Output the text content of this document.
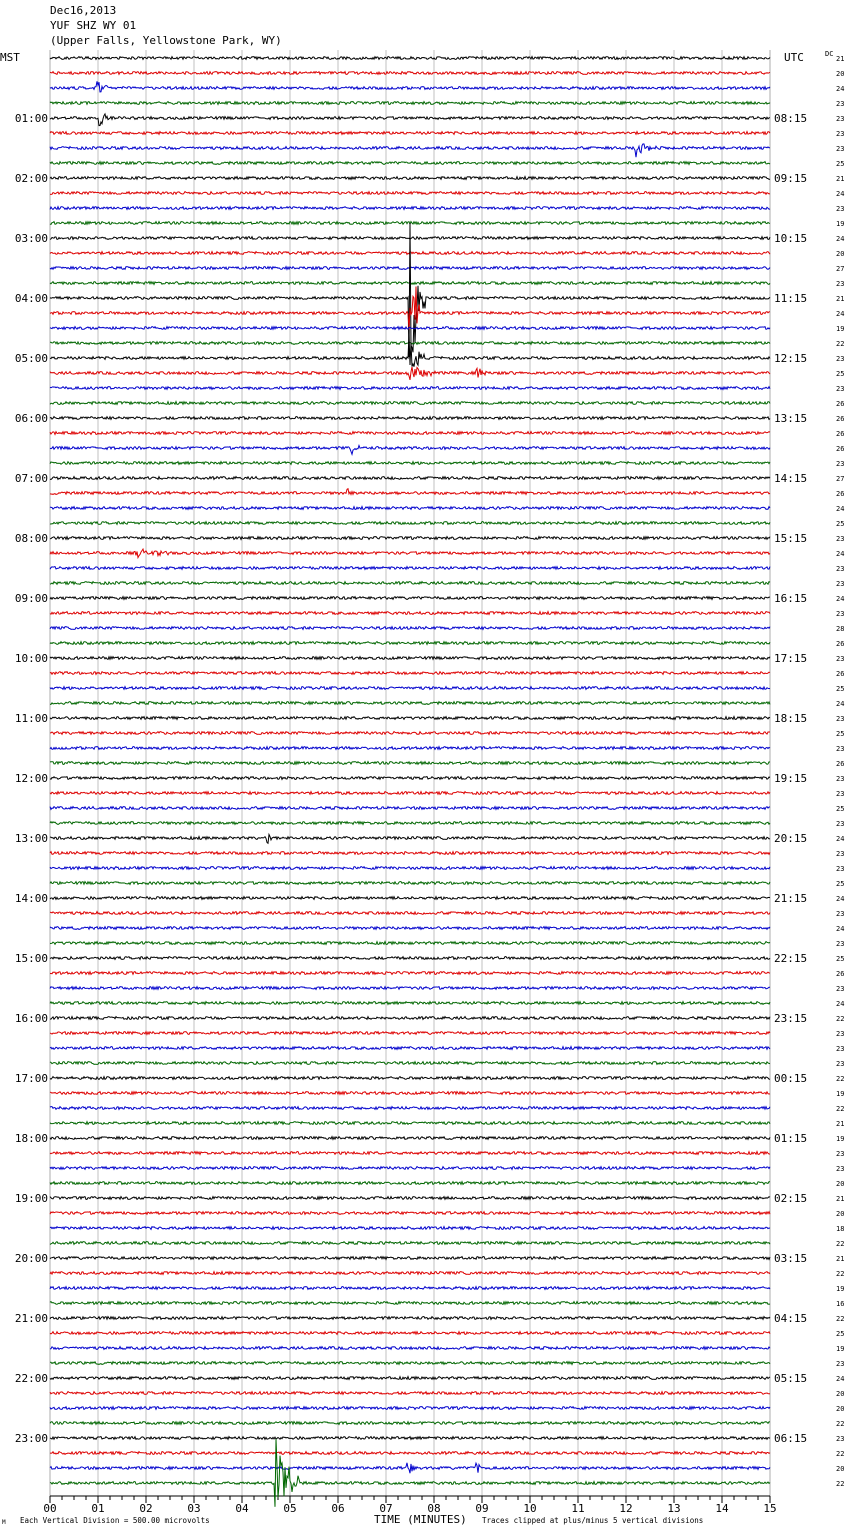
Dec16,2013
YUF SHZ WY 01
(Upper Falls, Yellowstone Park, WY)
00	01	02	03	04	05	06	07	08	09	10	11	12	13	14	15
21
20
24
23
23
01:00	08:15
23
23
25
21
02:00	09:15
24
23
19
24
03:00	10:15
20
27
23
21
04:00	11:15
24
19
22
23
05:00	12:15
25
23
26
26
06:00	13:15
26
26
23
27
07:00	14:15
26
24
25
23
08:00	15:15
24
23
23
24
09:00	16:15
23
28
26
23
10:00	17:15
26
25
24
23
11:00	18:15
25
23
26
23
12:00	19:15
23
25
23
24
13:00	20:15
23
23
25
24
14:00	21:15
23
24
23
25
15:00	22:15
26
23
24
22
16:00	23:15
23
23
23
22
17:00	00:15
19
22
21
19
18:00	01:15
23
23
20
21
19:00	02:15
20
18
22
21
20:00	03:15
22
19
16
22
21:00	04:15
25
19
23
24
22:00	05:15
20
20
22
23
23:00	06:15
22
20
22
MST	UTC	DC
TIME (MINUTES)
Each Vertical Division = 500.00 microvolts	Traces clipped at plus/minus 5 vertical divisions
M
